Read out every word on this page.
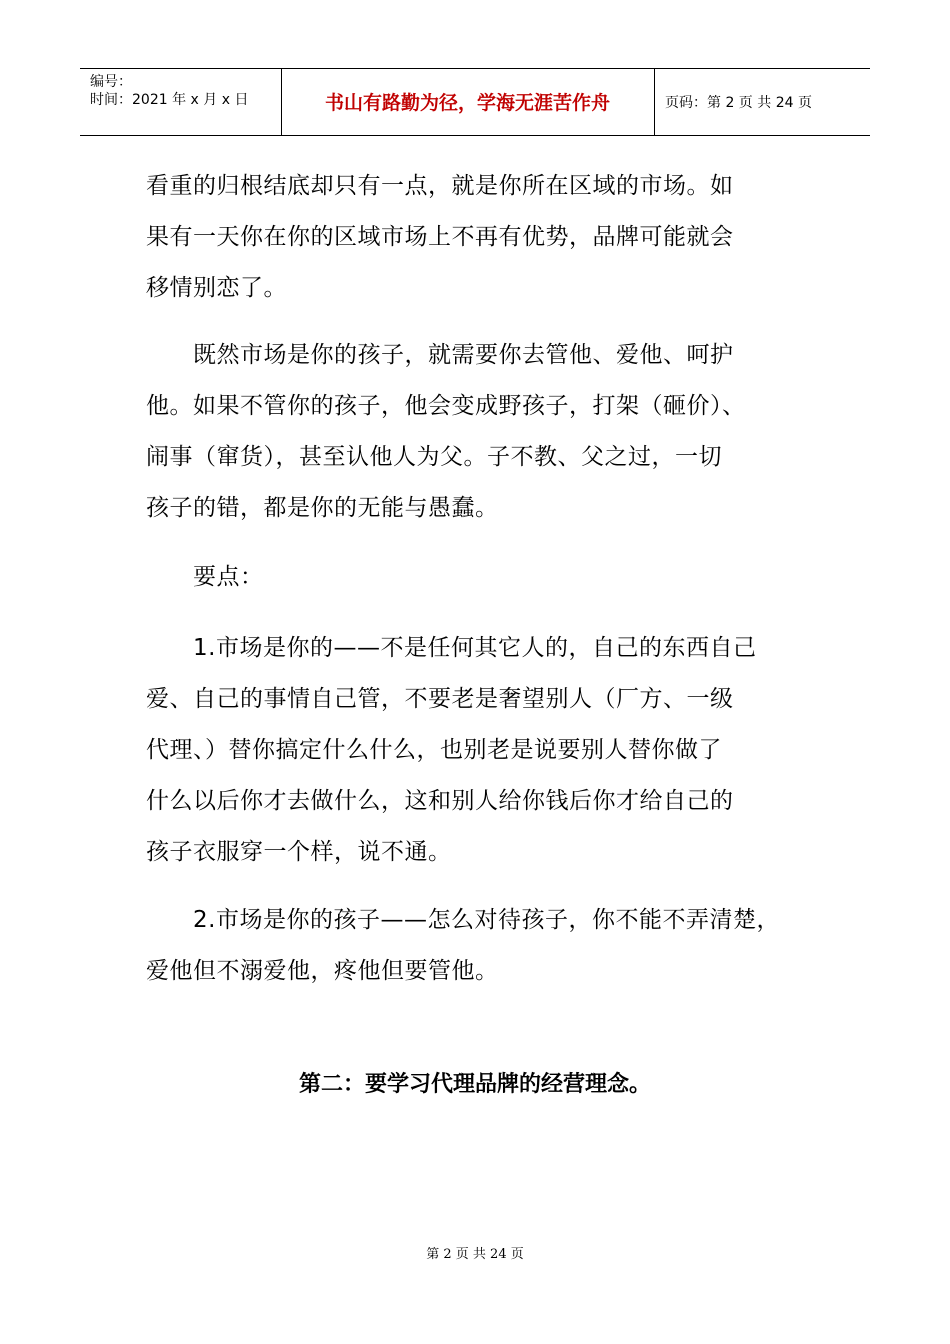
编号：
时间：2021 年 x 月 x 日	书山有路勤为径，学海无涯苦作舟	页码：第 2 页 共 24 页
看重的归根结底却只有一点，就是你所在区域的市场。如
果有一天你在你的区域市场上不再有优势，品牌可能就会
移情别恋了。
　　既然市场是你的孩子，就需要你去管他、爱他、呵护
他。如果不管你的孩子，他会变成野孩子，打架（砸价）、
闹事（窜货），甚至认他人为父。子不教、父之过，一切
孩子的错，都是你的无能与愚蠢。
　　要点：
　　1.市场是你的——不是任何其它人的，自己的东西自己
爱、自己的事情自己管，不要老是奢望别人（厂方、一级
代理、）替你搞定什么什么，也别老是说要别人替你做了
什么以后你才去做什么，这和别人给你钱后你才给自己的
孩子衣服穿一个样，说不通。
　　2.市场是你的孩子——怎么对待孩子，你不能不弄清楚，
爱他但不溺爱他，疼他但要管他。
第二：要学习代理品牌的经营理念。
第 2 页 共 24 页
